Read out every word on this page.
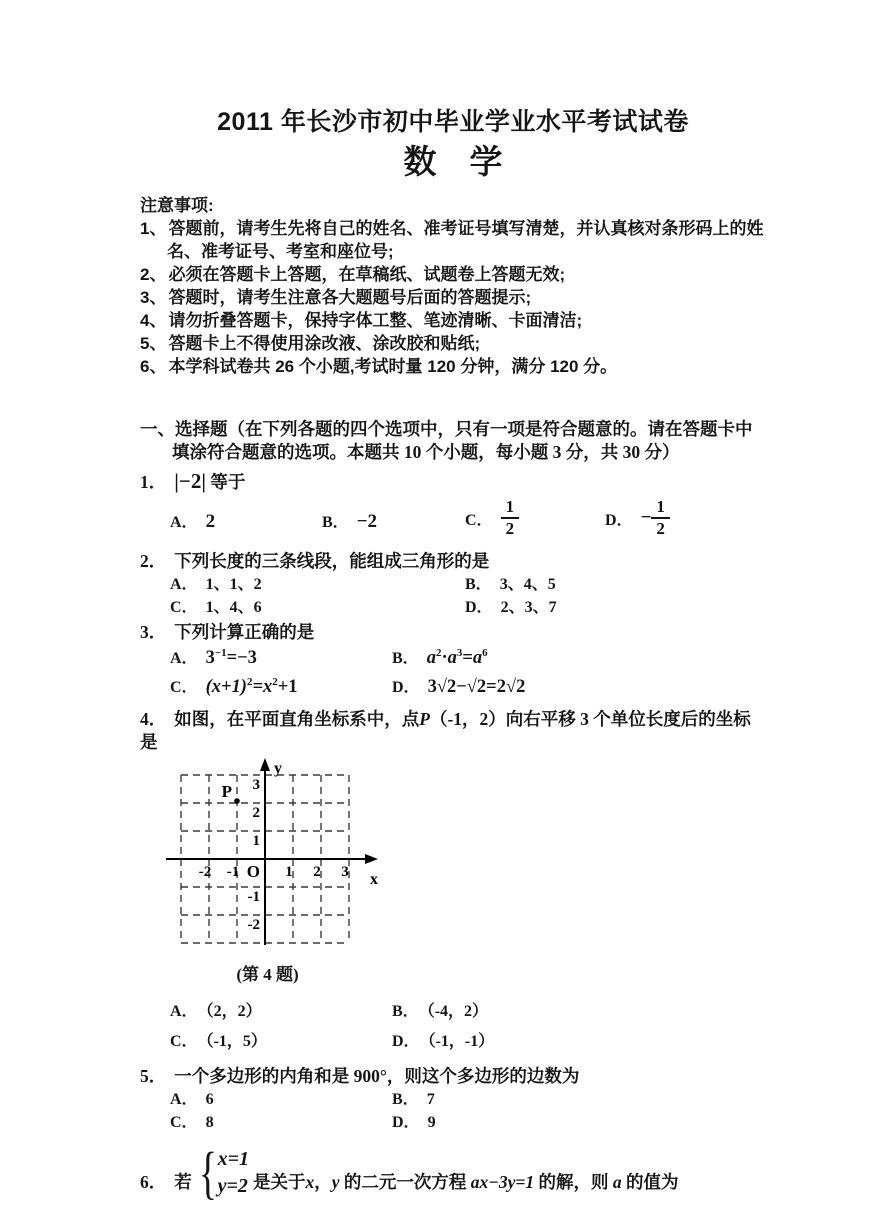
2011 年长沙市初中毕业学业水平考试试卷
数　学
注意事项:
1、 答题前，请考生先将自己的姓名、准考证号填写清楚，并认真核对条形码上的姓名、准考证号、考室和座位号;
2、 必须在答题卡上答题，在草稿纸、试题卷上答题无效;
3、 答题时，请考生注意各大题题号后面的答题提示;
4、 请勿折叠答题卡，保持字体工整、笔迹清晰、卡面清洁;
5、 答题卡上不得使用涂改液、涂改胶和贴纸;
6、 本学科试卷共 26 个小题,考试时量 120 分钟，满分 120 分。
一、选择题（在下列各题的四个选项中，只有一项是符合题意的。请在答题卡中填涂符合题意的选项。本题共 10 个小题，每小题 3 分，共 30 分）
1． |−2| 等于
A． 2	B． −2	C． $\frac{1}{2}$	D． − $\frac{1}{2}$
2． 下列长度的三条线段，能组成三角形的是
A． 1、1、2	B． 3、4、5
C． 1、4、6	D． 2、3、7
3． 下列计算正确的是
A． $3^{-1}=-3$	B． $a^2\cdot a^3=a^6$
C． $(x+1)^2=x^2+1$	D． 3√2−√2=2√2
4． 如图，在平面直角坐标系中，点P（-1，2）向右平移 3 个单位长度后的坐标是
P
O
y
x
-2 -1	1 2 3
3
2
1
-1
-2
(第 4 题)
A． （2，2）	B． （-4，2）
C． （-1，5）	D． （-1，-1）
5． 一个多边形的内角和是 900°，则这个多边形的边数为
A． 6	B． 7
C． 8	D． 9
6． 若 { x=1
y=2 是关于x，y 的二元一次方程 ax−3y=1 的解，则 a 的值为
